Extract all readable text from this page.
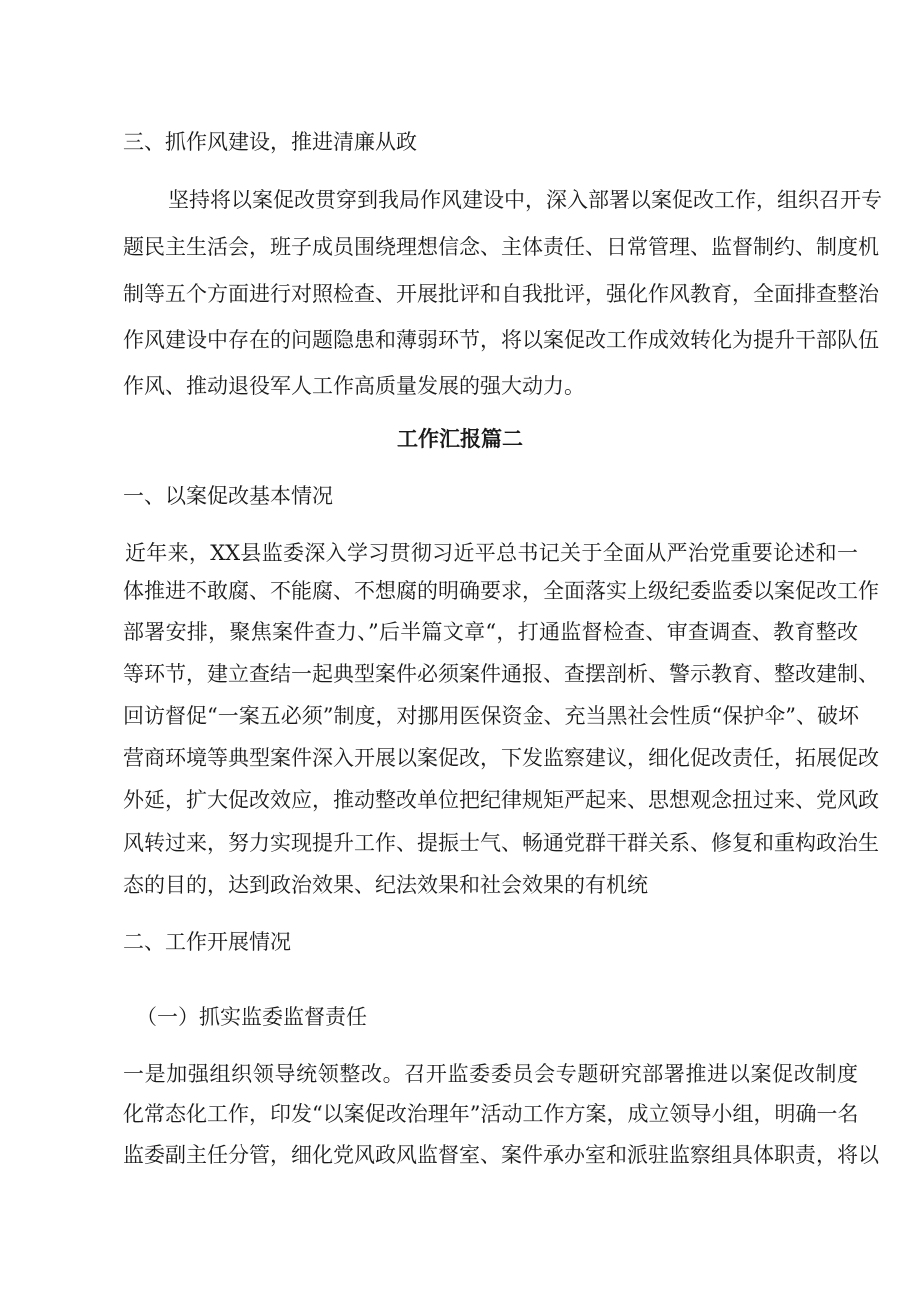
三、抓作风建设，推进清廉从政
坚持将以案促改贯穿到我局作风建设中，深入部署以案促改工作，组织召开专
题民主生活会，班子成员围绕理想信念、主体责任、日常管理、监督制约、制度机
制等五个方面进行对照检查、开展批评和自我批评，强化作风教育，全面排查整治
作风建设中存在的问题隐患和薄弱环节，将以案促改工作成效转化为提升干部队伍
作风、推动退役军人工作高质量发展的强大动力。
工作汇报篇二
一、以案促改基本情况
近年来，XX县监委深入学习贯彻习近平总书记关于全面从严治党重要论述和一
体推进不敢腐、不能腐、不想腐的明确要求，全面落实上级纪委监委以案促改工作
部署安排，聚焦案件查力、”后半篇文章“，打通监督检查、审查调查、教育整改
等环节，建立查结一起典型案件必须案件通报、查摆剖析、警示教育、整改建制、
回访督促“一案五必须”制度，对挪用医保资金、充当黑社会性质“保护伞”、破坏
营商环境等典型案件深入开展以案促改，下发监察建议，细化促改责任，拓展促改
外延，扩大促改效应，推动整改单位把纪律规矩严起来、思想观念扭过来、党风政
风转过来，努力实现提升工作、提振士气、畅通党群干群关系、修复和重构政治生
态的目的，达到政治效果、纪法效果和社会效果的有机统
二、工作开展情况
（一）抓实监委监督责任
一是加强组织领导统领整改。召开监委委员会专题研究部署推进以案促改制度
化常态化工作，印发“以案促改治理年”活动工作方案，成立领导小组，明确一名
监委副主任分管，细化党风政风监督室、案件承办室和派驻监察组具体职责，将以
